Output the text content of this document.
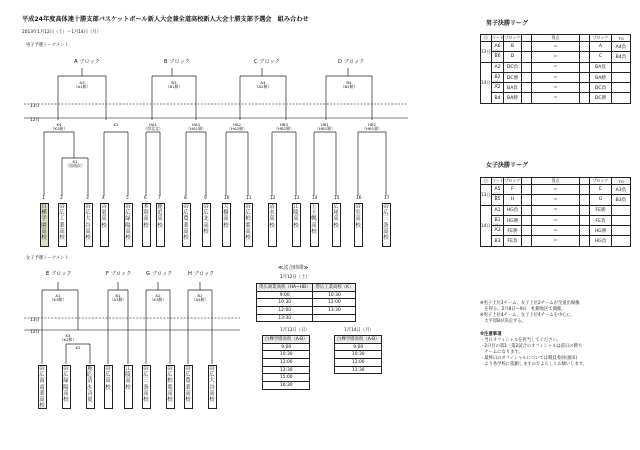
平成24年度高体連十勝支部バスケットボール新人大会兼全道高校新人大会十勝支部予選会　組み合わせ
2013年1月12日（土）～1月14日（月）
男子予選トーナメント
A ブロック	B ブロック	C ブロック	D ブロック
13日
12日
13日
12日
A3
（A1勝）
B3
（B1勝）
A4
（A2勝）
B4
（B2勝）
K4
（K3勝）
K2
K1
（留萌次）
HA1
（帯北北）
HA3
（HA1勝）
HA2
（HA2勝）
HB3
（HB2勝）
HB1
（HB1勝）
HB2
（HB1勝）
1
白樺学園高校
2
帯広工業高校
3
帯広大谷高校
4
音更高校
5
帯広緑陽高校
6
本別高校
7
鹿追高校
8
帯広農業高校
9
帯広北高校
10
大樹高校
11
帯広柏葉高校
12
清水高校
13
江陵高校
14
上士幌高校
15
広尾高校
16
帯室高校
17
帯広三条高校
女子予選トーナメント
E ブロック	F ブロック	G ブロック	H ブロック
A1
（K3勝）
B1
（A3勝）
A2
（K3勝）
B2
（A5勝）
K3
（K2勝）
K2
帯広南商業高校
帯広緑陽高校
鹿追・清水・音更
帯広高校
江陵高校
帯広三条高校
帯広柏葉高校
帯広農業高校
帯広大谷高校
≪試合時間≫
1月12日（土）
帯広商業高校（HA~HB）	帯広工業高校（K）
9:00	10:30
10:30	12:00
12:00	13:30
13:30	
1月13日（日）
白樺学園高校（A-B）
9:00
10:30
12:00
13:30
15:00
16:30
1月14日（月）
白樺学園高校（A-B）
9:00
10:30
12:00
13:30
男子決勝リーグ
日	コート	ブロック		得点		ブロック	TO
13日（日）	A6	B		＝		A	A4負
	B6	D		＝		C	B4負
14日（月）	A2	DC負		＝		BA負	
	B2	DC勝		＝		BA勝	
	A2	BA負		＝		DC負	
	B4	BA勝		＝		DC勝	
女子決勝リーグ
日	コート	ブロック		得点		ブロック	TO
13日（日）	A5	F		＝		E	A3負
	B5	H		＝		G	B3負
14日（月）	A1	HG負		＝		FE勝	
	B1	HG勝		＝		FE負	
	A3	FE勝		＝		HG勝	
	B3	FE負		＝		HG負	
※男子上位3チーム、女子上位2チームが全道出場権
　を得る。2月8日～9日　札幌地区で開催。
※男子上位4チーム、女子上位4チームを中心に、
　大平原Bが決定する。
※注意事項
・当日オフィシャルを担当してください。
・2日目の第1・第2試合のオフィシャルは前日の勝ち
　チームになります。
・最終日のオフィシャルについては競技委員(福田)
　より各学校に依頼しますのでよろしくお願いします。
